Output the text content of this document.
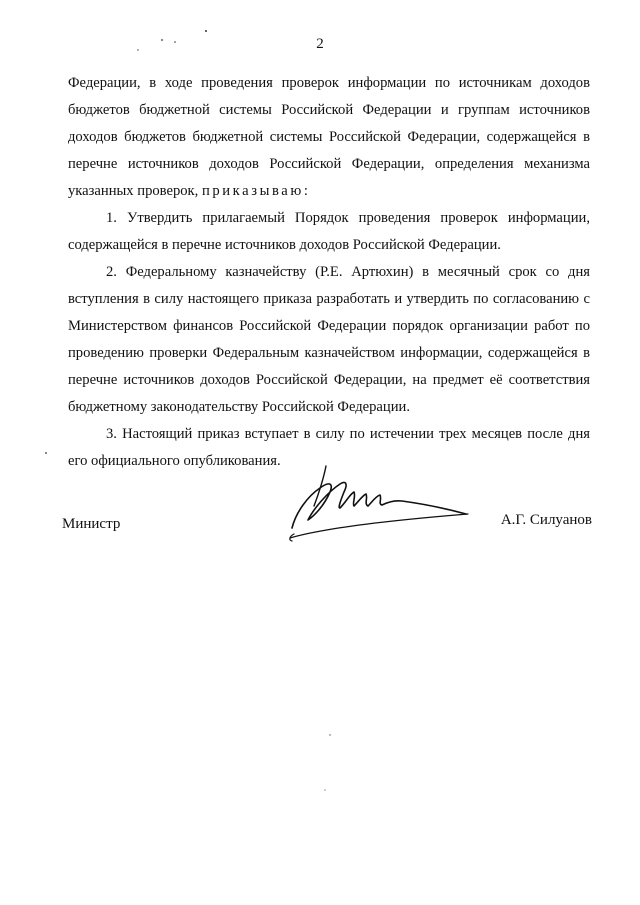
2

Федерации, в ходе проведения проверок информации по источникам доходов бюджетов бюджетной системы Российской Федерации и группам источников доходов бюджетов бюджетной системы Российской Федерации, содержащейся в перечне источников доходов Российской Федерации, определения механизма указанных проверок, приказываю:

1. Утвердить прилагаемый Порядок проведения проверок информации, содержащейся в перечне источников доходов Российской Федерации.

2. Федеральному казначейству (Р.Е. Артюхин) в месячный срок со дня вступления в силу настоящего приказа разработать и утвердить по согласованию с Министерством финансов Российской Федерации порядок организации работ по проведению проверки Федеральным казначейством информации, содержащейся в перечне источников доходов Российской Федерации, на предмет её соответствия бюджетному законодательству Российской Федерации.

3. Настоящий приказ вступает в силу по истечении трех месяцев после дня его официального опубликования.

Министр	А.Г. Силуанов
